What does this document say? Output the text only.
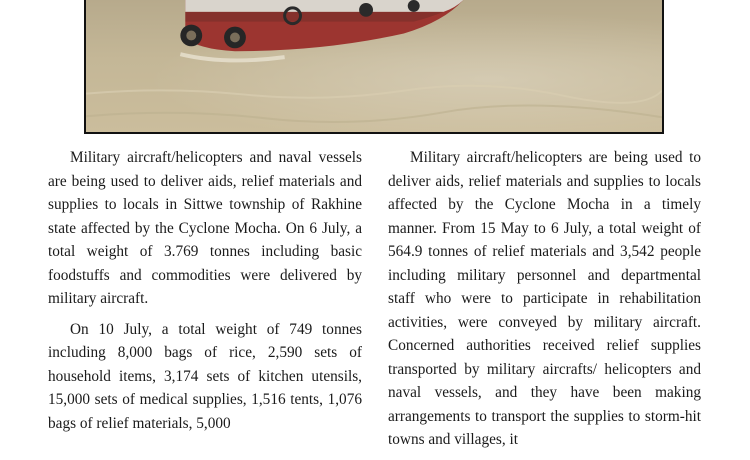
Military aircraft/helicopters and naval vessels are being used to deliver aids, relief materials and supplies to locals in Sittwe township of Rakhine state affected by the Cyclone Mocha. On 6 July, a total weight of 3.769 tonnes including basic foodstuffs and commodities were delivered by military aircraft.

On 10 July, a total weight of 749 tonnes including 8,000 bags of rice, 2,590 sets of household items, 3,174 sets of kitchen utensils, 15,000 sets of medical supplies, 1,516 tents, 1,076 bags of relief materials, 5,000

Military aircraft/helicopters are being used to deliver aids, relief materials and supplies to locals affected by the Cyclone Mocha in a timely manner. From 15 May to 6 July, a total weight of 564.9 tonnes of relief materials and 3,542 people including military personnel and departmental staff who were to participate in rehabilitation activities, were conveyed by military aircraft. Concerned authorities received relief supplies transported by military aircrafts/ helicopters and naval vessels, and they have been making arrangements to transport the supplies to storm-hit towns and villages, it
